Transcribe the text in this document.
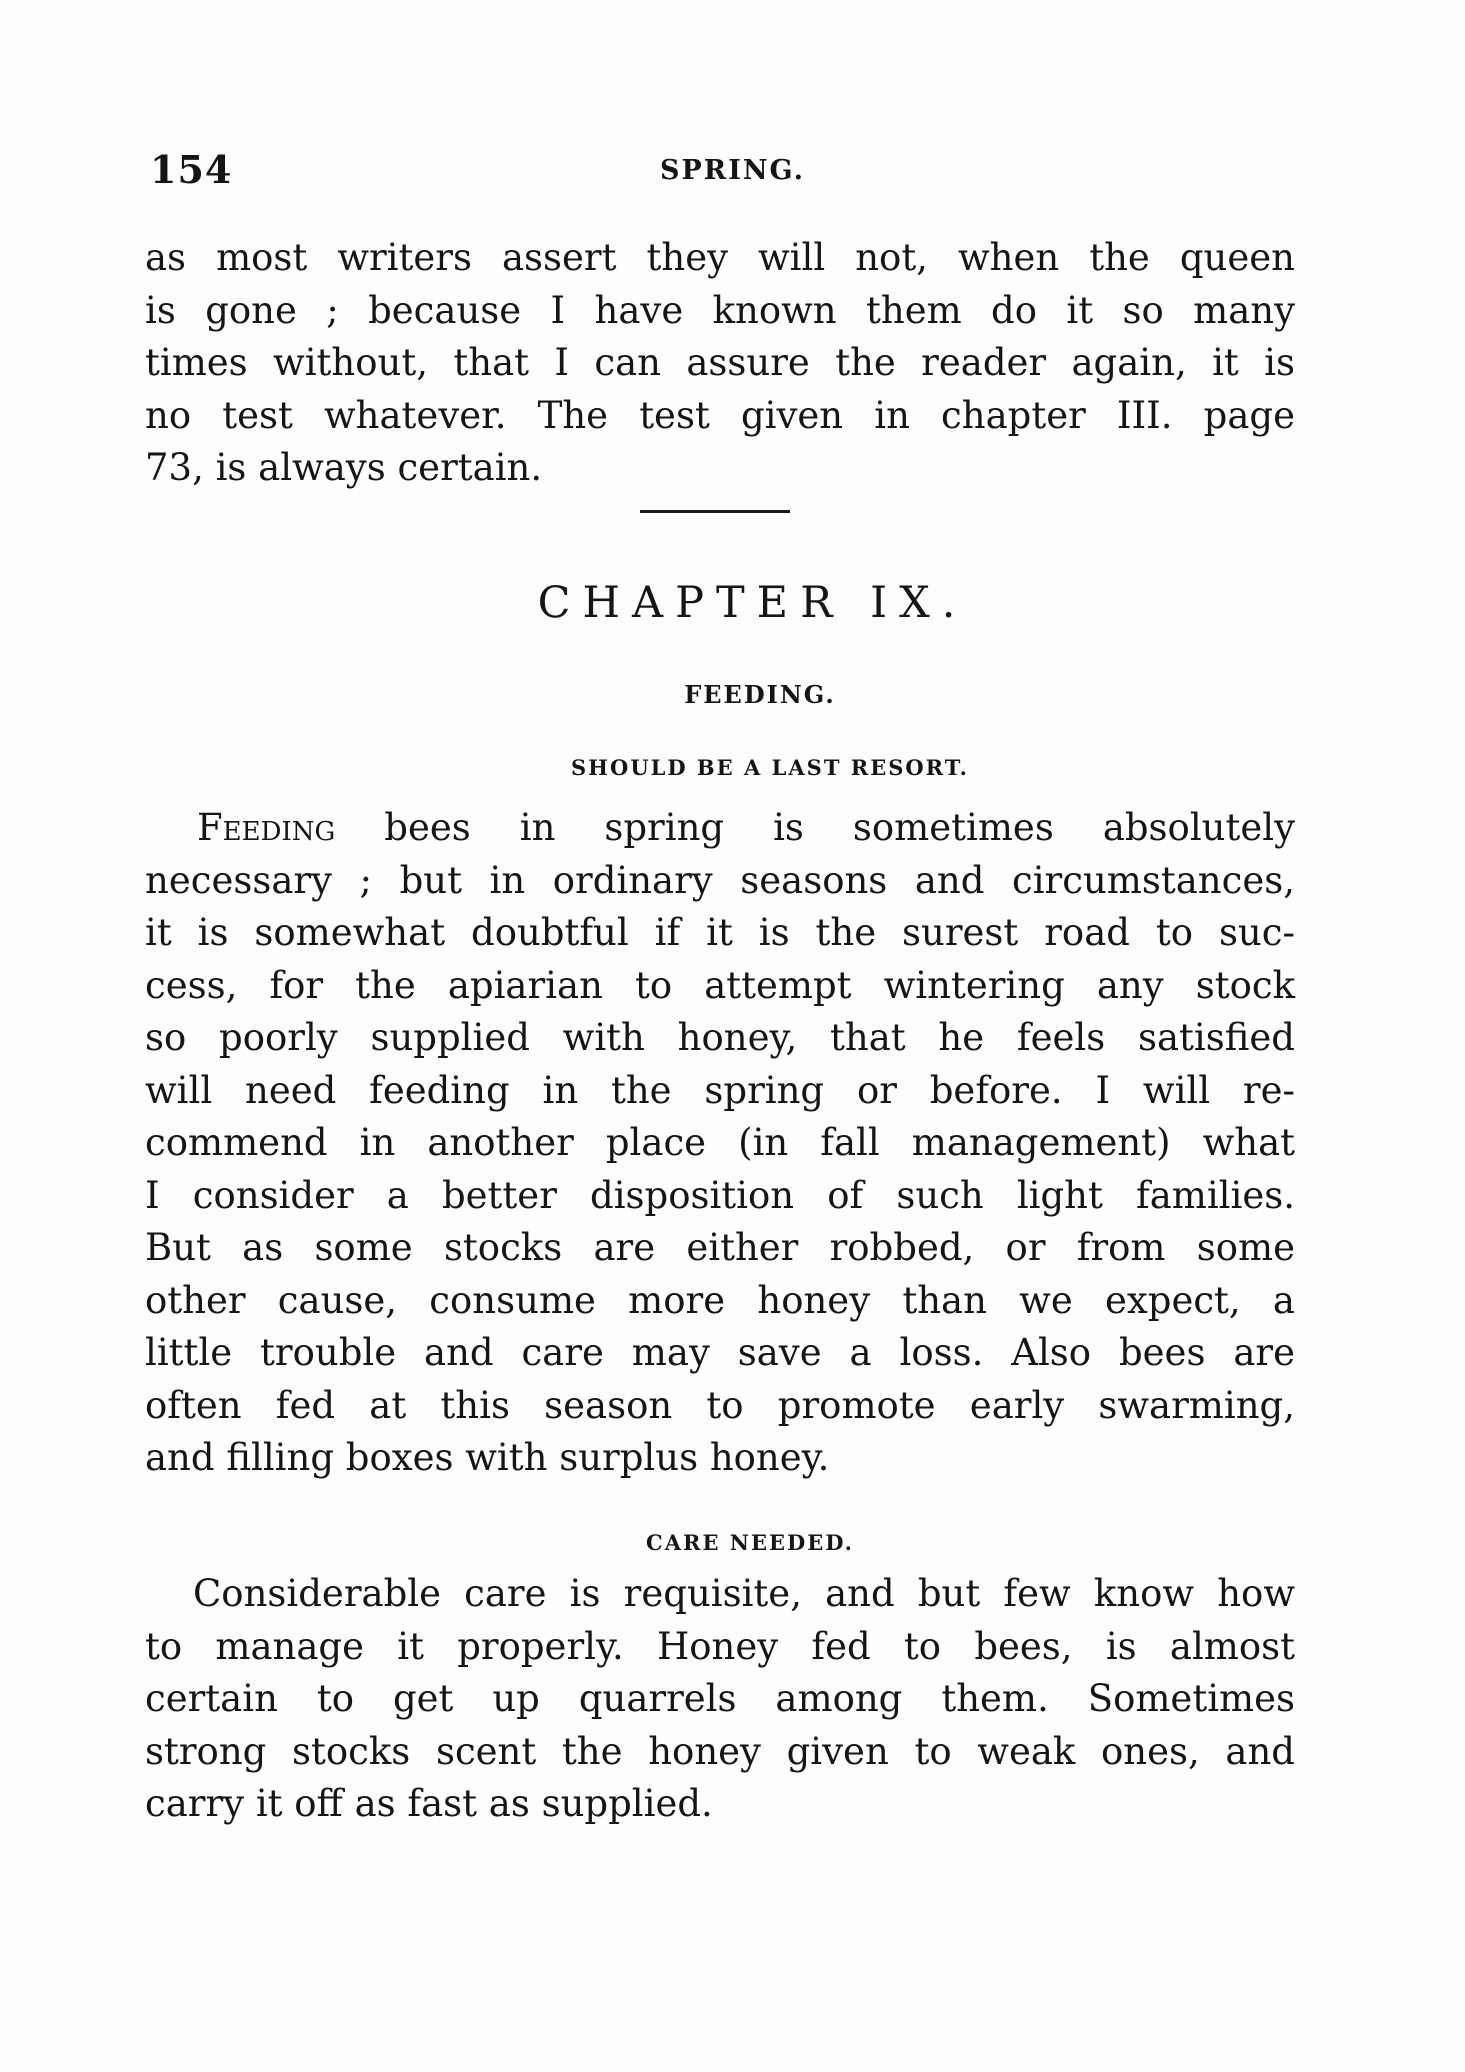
154	SPRING.
as most writers assert they will not, when the queen
is gone ; because I have known them do it so many
times without, that I can assure the reader again, it is
no test whatever. The test given in chapter III. page
73, is always certain.
CHAPTER IX.
FEEDING.
SHOULD BE A LAST RESORT.
Feeding bees in spring is sometimes absolutely
necessary ; but in ordinary seasons and circumstances,
it is somewhat doubtful if it is the surest road to suc-
cess, for the apiarian to attempt wintering any stock
so poorly supplied with honey, that he feels satisfied
will need feeding in the spring or before. I will re-
commend in another place (in fall management) what
I consider a better disposition of such light families.
But as some stocks are either robbed, or from some
other cause, consume more honey than we expect, a
little trouble and care may save a loss. Also bees are
often fed at this season to promote early swarming,
and filling boxes with surplus honey.
CARE NEEDED.
Considerable care is requisite, and but few know how
to manage it properly. Honey fed to bees, is almost
certain to get up quarrels among them. Sometimes
strong stocks scent the honey given to weak ones, and
carry it off as fast as supplied.
